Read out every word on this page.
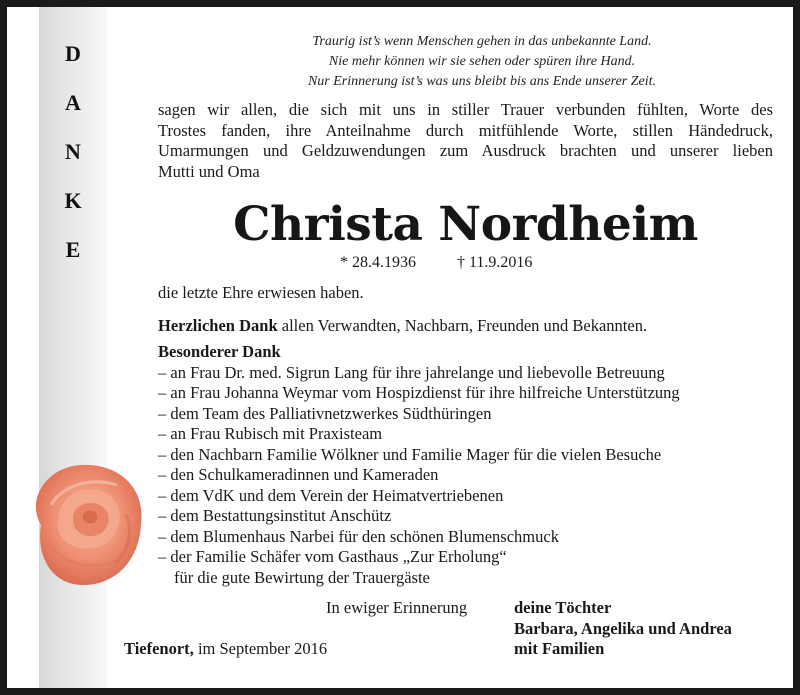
D
A
N
K
E
Traurig ist’s wenn Menschen gehen in das unbekannte Land.
Nie mehr können wir sie sehen oder spüren ihre Hand.
Nur Erinnerung ist’s was uns bleibt bis ans Ende unserer Zeit.
sagen wir allen, die sich mit uns in stiller Trauer verbunden fühlten, Worte des
Trostes fanden, ihre Anteilnahme durch mitfühlende Worte, stillen Händedruck,
Umarmungen und Geldzuwendungen zum Ausdruck brachten und unserer lieben
Mutti und Oma
Christa Nordheim
* 28.4.1936	† 11.9.2016
die letzte Ehre erwiesen haben.
Herzlichen Dank allen Verwandten, Nachbarn, Freunden und Bekannten.
Besonderer Dank
– an Frau Dr. med. Sigrun Lang für ihre jahrelange und liebevolle Betreuung
– an Frau Johanna Weymar vom Hospizdienst für ihre hilfreiche Unterstützung
– dem Team des Palliativnetzwerkes Südthüringen
– an Frau Rubisch mit Praxisteam
– den Nachbarn Familie Wölkner und Familie Mager für die vielen Besuche
– den Schulkameradinnen und Kameraden
– dem VdK und dem Verein der Heimatvertriebenen
– dem Bestattungsinstitut Anschütz
– dem Blumenhaus Narbei für den schönen Blumenschmuck
– der Familie Schäfer vom Gasthaus „Zur Erholung“
für die gute Bewirtung der Trauergäste
In ewiger Erinnerung	deine Töchter
Barbara, Angelika und Andrea
mit Familien
Tiefenort, im September 2016
